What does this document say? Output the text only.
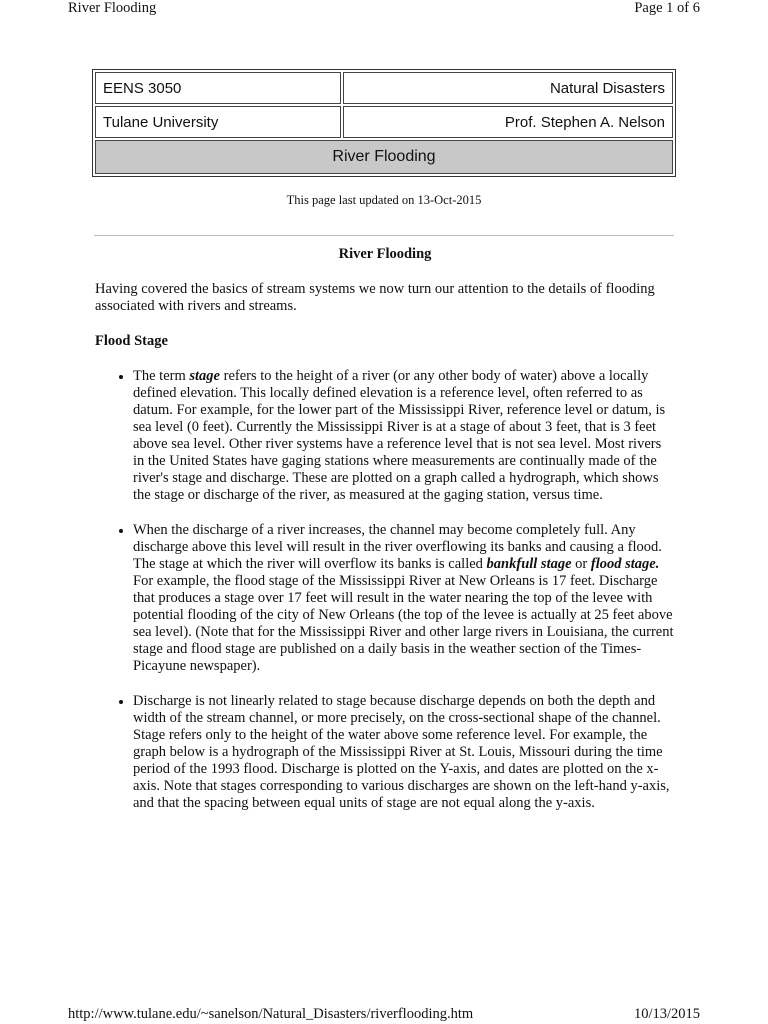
River Flooding	Page 1 of 6
EENS 3050	Natural Disasters
Tulane University	Prof. Stephen A. Nelson
River Flooding	
This page last updated on 13-Oct-2015

River Flooding

Having covered the basics of stream systems we now turn our attention to the details of flooding associated with rivers and streams.

Flood Stage

• The term stage refers to the height of a river (or any other body of water) above a locally defined elevation. This locally defined elevation is a reference level, often referred to as datum. For example, for the lower part of the Mississippi River, reference level or datum, is sea level (0 feet). Currently the Mississippi River is at a stage of about 3 feet, that is 3 feet above sea level. Other river systems have a reference level that is not sea level. Most rivers in the United States have gaging stations where measurements are continually made of the river's stage and discharge. These are plotted on a graph called a hydrograph, which shows the stage or discharge of the river, as measured at the gaging station, versus time.
• When the discharge of a river increases, the channel may become completely full. Any discharge above this level will result in the river overflowing its banks and causing a flood. The stage at which the river will overflow its banks is called bankfull stage or flood stage. For example, the flood stage of the Mississippi River at New Orleans is 17 feet. Discharge that produces a stage over 17 feet will result in the water nearing the top of the levee with potential flooding of the city of New Orleans (the top of the levee is actually at 25 feet above sea level). (Note that for the Mississippi River and other large rivers in Louisiana, the current stage and flood stage are published on a daily basis in the weather section of the Times-Picayune newspaper).
• Discharge is not linearly related to stage because discharge depends on both the depth and width of the stream channel, or more precisely, on the cross-sectional shape of the channel. Stage refers only to the height of the water above some reference level. For example, the graph below is a hydrograph of the Mississippi River at St. Louis, Missouri during the time period of the 1993 flood. Discharge is plotted on the Y-axis, and dates are plotted on the x-axis. Note that stages corresponding to various discharges are shown on the left-hand y-axis, and that the spacing between equal units of stage are not equal along the y-axis.
http://www.tulane.edu/~sanelson/Natural_Disasters/riverflooding.htm	10/13/2015
